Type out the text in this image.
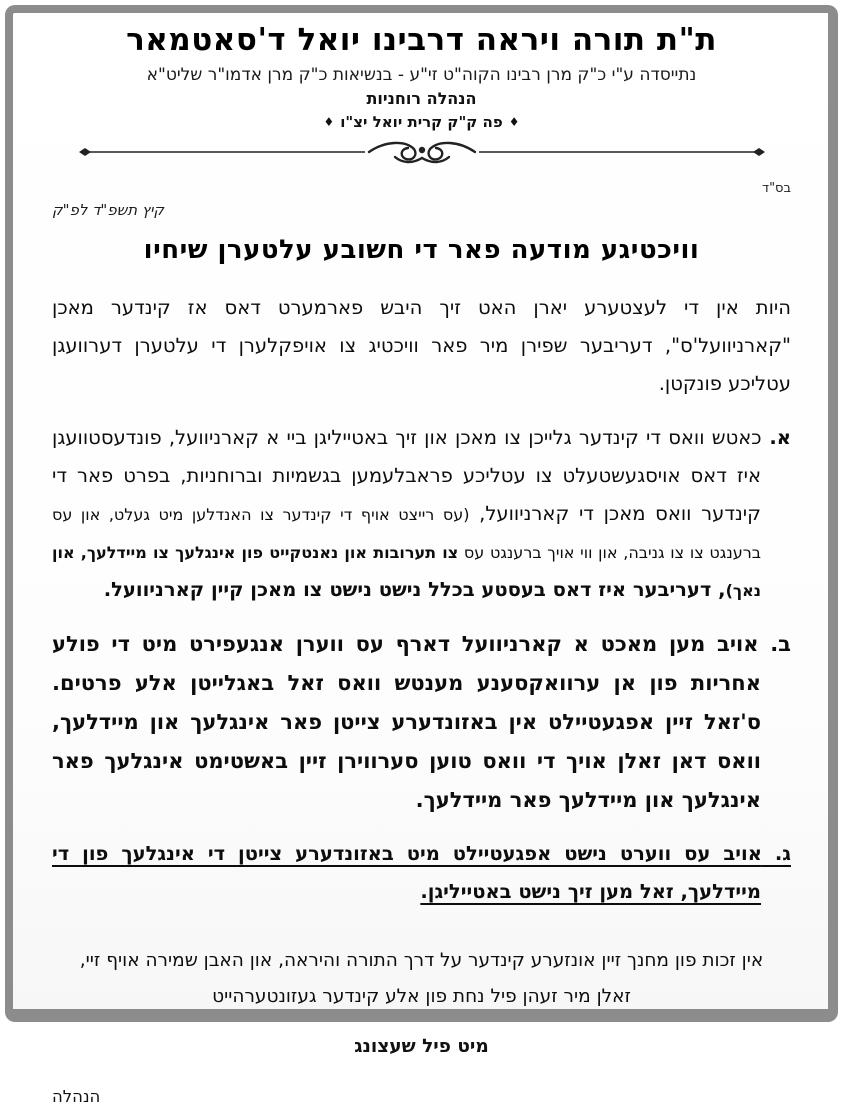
ת"ת תורה ויראה דרבינו יואל ד'סאטמאר
נתייסדה ע"י כ"ק מרן רבינו הקוה"ט זי"ע - בנשיאות כ"ק מרן אדמו"ר שליט"א
הנהלה רוחניות
♦פה ק"ק קרית יואל יצ"ו♦
בס"ד
קיץ תשפ"ד לפ"ק
וויכטיגע מודעה פאר די חשובע עלטערן שיחיו
היות אין די לעצטערע יארן האט זיך היבש פארמערט דאס אז קינדער מאכן "קארניוועל'ס", דעריבער שפירן מיר פאר וויכטיג צו אויפקלערן די עלטערן דערוועגן עטליכע פונקטן.
א. כאטש וואס די קינדער גלייכן צו מאכן און זיך באטייליגן ביי א קארניוועל, פונדעסטוועגן איז דאס אויסגעשטעלט צו עטליכע פראבלעמען בגשמיות וברוחניות, בפרט פאר די קינדער וואס מאכן די קארניוועל, (עס רייצט אויף די קינדער צו האנדלען מיט געלט, און עס ברענגט צו צו גניבה, און ווי אויך ברענגט עס צו תערובות און נאנטקייט פון אינגלעך צו מיידלעך, און נאך), דעריבער איז דאס בעסטע בכלל נישט נישט צו מאכן קיין קארניוועל.
ב. אויב מען מאכט א קארניוועל דארף עס ווערן אנגעפירט מיט די פולע אחריות פון אן ערוואקסענע מענטש וואס זאל באגלייטן אלע פרטים. ס'זאל זיין אפגעטיילט אין באזונדערע צייטן פאר אינגלעך און מיידלעך, וואס דאן זאלן אויך די וואס טוען סערווירן זיין באשטימט אינגלעך פאר אינגלעך און מיידלעך פאר מיידלעך.
ג. אויב עס ווערט נישט אפגעטיילט מיט באזונדערע צייטן די אינגלעך פון די מיידלעך, זאל מען זיך נישט באטייליגן.
אין זכות פון מחנך זיין אונזערע קינדער על דרך התורה והיראה, און האבן שמירה אויף זיי, זאלן מיר זעהן פיל נחת פון אלע קינדער געזונטערהייט
מיט פיל שעצונג
הנהלה
